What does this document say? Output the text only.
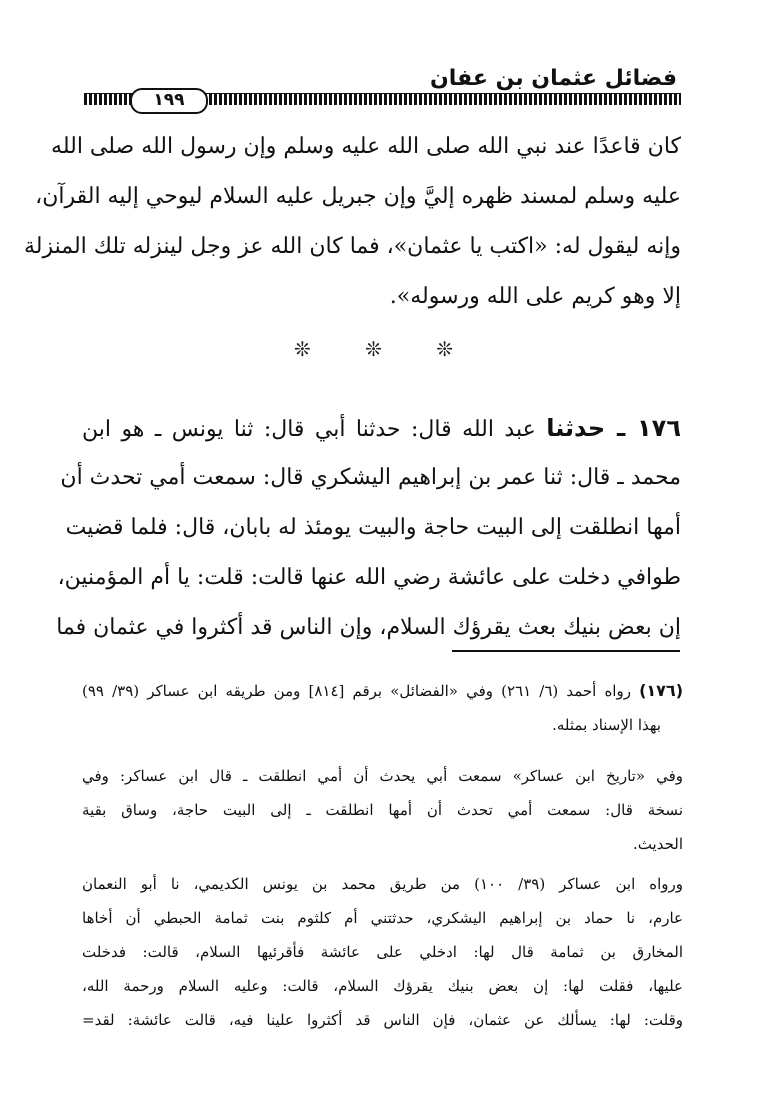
فضائل عثمان بن عفان
١٩٩
كان قاعدًا عند نبي الله صلى الله عليه وسلم وإن رسول الله صلى الله
عليه وسلم لمسند ظهره إليَّ وإن جبريل عليه السلام ليوحي إليه القرآن،
وإنه ليقول له: «اكتب يا عثمان»، فما كان الله عز وجل لينزله تلك المنزلة
إلا وهو كريم على الله ورسوله».
❊ ❊ ❊
١٧٦ ـ حدثنا عبد الله قال: حدثنا أبي قال: ثنا يونس ـ هو ابن
محمد ـ قال: ثنا عمر بن إبراهيم اليشكري قال: سمعت أمي تحدث أن
أمها انطلقت إلى البيت حاجة والبيت يومئذ له بابان، قال: فلما قضيت
طوافي دخلت على عائشة رضي الله عنها قالت: قلت: يا أم المؤمنين،
إن بعض بنيك بعث يقرؤك السلام، وإن الناس قد أكثروا في عثمان فما
(١٧٦) رواه أحمد (٦/ ٢٦١) وفي «الفضائل» برقم [٨١٤] ومن طريقه ابن عساكر (٣٩/ ٩٩)
بهذا الإسناد بمثله.
وفي «تاريخ ابن عساكر» سمعت أبي يحدث أن أمي انطلقت ـ قال ابن عساكر: وفي
نسخة قال: سمعت أمي تحدث أن أمها انطلقت ـ إلى البيت حاجة، وساق بقية
الحديث.
ورواه ابن عساكر (٣٩/ ١٠٠) من طريق محمد بن يونس الكديمي، نا أبو النعمان
عارم، نا حماد بن إبراهيم اليشكري، حدثتني أم كلثوم بنت ثمامة الحبطي أن أخاها
المخارق بن ثمامة قال لها: ادخلي على عائشة فأقرئيها السلام، قالت: فدخلت
عليها، فقلت لها: إن بعض بنيك يقرؤك السلام، قالت: وعليه السلام ورحمة الله،
وقلت: لها: يسألك عن عثمان، فإن الناس قد أكثروا علينا فيه، قالت عائشة: لقد=
